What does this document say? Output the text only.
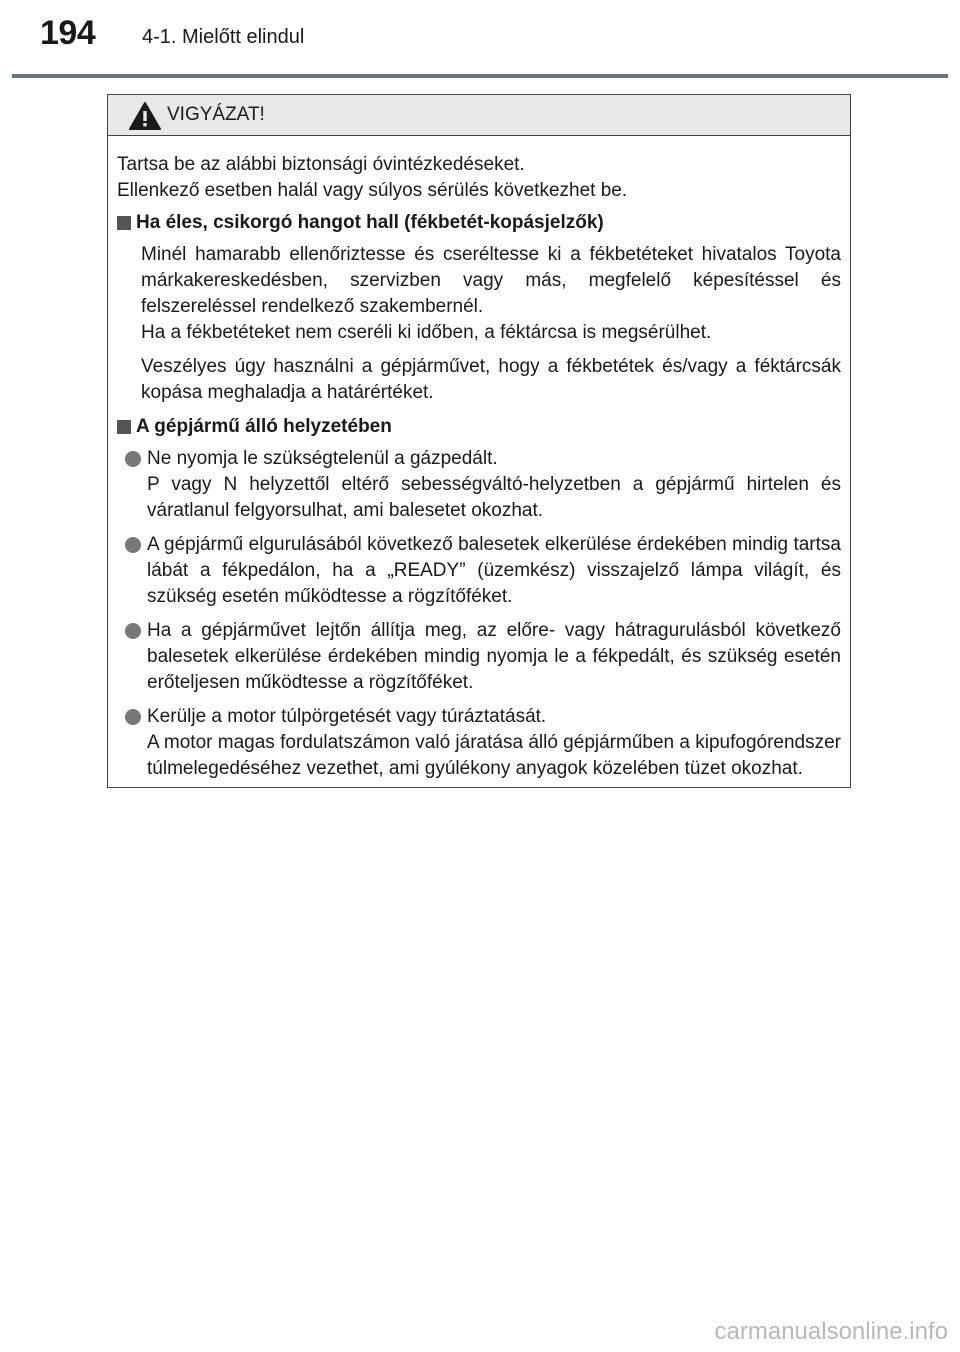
194 4-1. Mielőtt elindul
VIGYÁZAT!

Tartsa be az alábbi biztonsági óvintézkedéseket.

Ellenkező esetben halál vagy súlyos sérülés következhet be.

Ha éles, csikorgó hangot hall (fékbetét-kopásjelzők)

Minél hamarabb ellenőriztesse és cseréltesse ki a fékbetéteket hivatalos Toyota márkakereskedésben, szervizben vagy más, megfelelő képesítéssel és felszereléssel rendelkező szakembernél.

Ha a fékbetéteket nem cseréli ki időben, a féktárcsa is megsérülhet.

Veszélyes úgy használni a gépjárművet, hogy a fékbetétek és/vagy a féktárcsák kopása meghaladja a határértéket.

A gépjármű álló helyzetében
Ne nyomja le szükségtelenül a gázpedált.
P vagy N helyzettől eltérő sebességváltó-helyzetben a gépjármű hirtelen és váratlanul felgyorsulhat, ami balesetet okozhat.
A gépjármű elgurulásából következő balesetek elkerülése érdekében mindig tartsa lábát a fékpedálon, ha a „READY” (üzemkész) visszajelző lámpa világít, és szükség esetén működtesse a rögzítőféket.
Ha a gépjárművet lejtőn állítja meg, az előre- vagy hátragurulásból következő balesetek elkerülése érdekében mindig nyomja le a fékpedált, és szükség esetén erőteljesen működtesse a rögzítőféket.
Kerülje a motor túlpörgetését vagy túráztatását.
A motor magas fordulatszámon való járatása álló gépjárműben a kipufogórendszer túlmelegedéséhez vezethet, ami gyúlékony anyagok közelében tüzet okozhat.
carmanualsonline.info
